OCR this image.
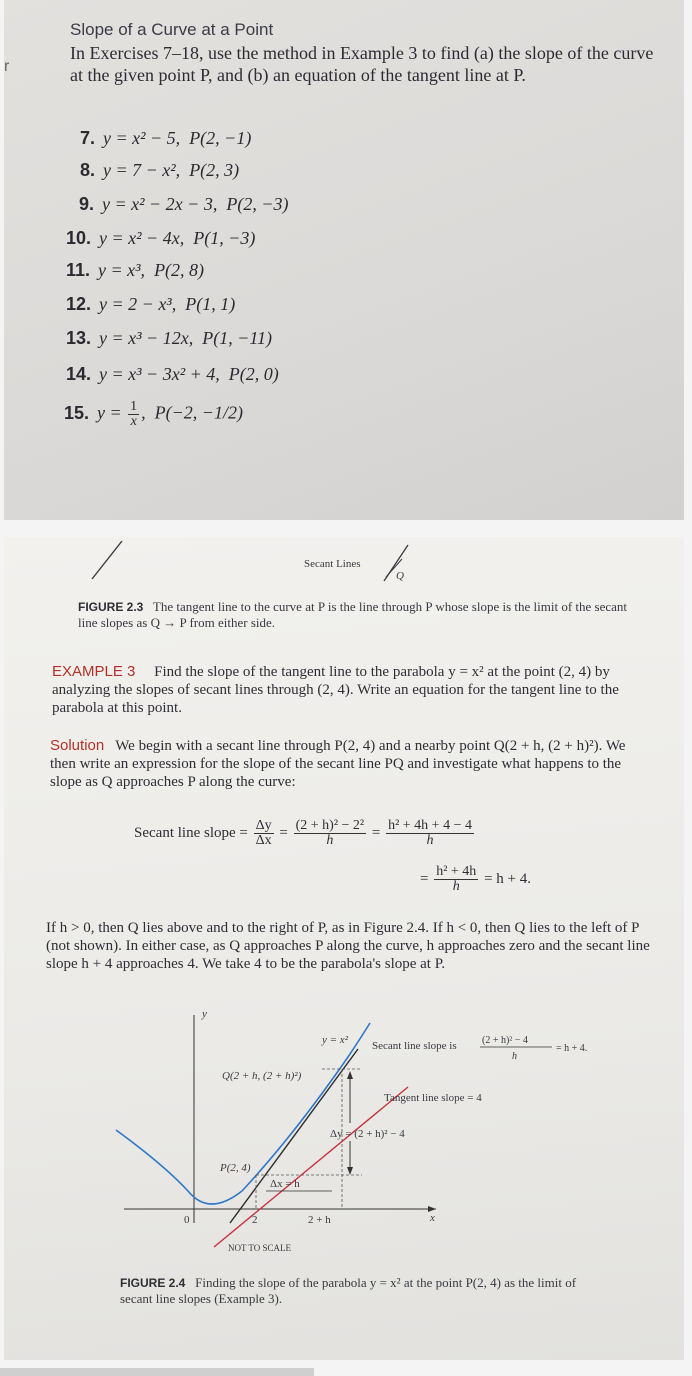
r
Slope of a Curve at a Point
In Exercises 7–18, use the method in Example 3 to find (a) the slope of the curve at the given point P, and (b) an equation of the tangent line at P.
7. y = x² − 5, P(2, −1)
8. y = 7 − x², P(2, 3)
9. y = x² − 2x − 3, P(2, −3)
10. y = x² − 4x, P(1, −3)
11. y = x³, P(2, 8)
12. y = 2 − x³, P(1, 1)
13. y = x³ − 12x, P(1, −11)
14. y = x³ − 3x² + 4, P(2, 0)
15. $y = \frac{1}{x}$ , P(−2, −1/2)
Secant Lines
Q
FIGURE 2.3 The tangent line to the curve at P is the line through P whose slope is the limit of the secant line slopes as Q → P from either side.
EXAMPLE 3 Find the slope of the tangent line to the parabola y = x² at the point (2, 4) by analyzing the slopes of secant lines through (2, 4). Write an equation for the tangent line to the parabola at this point.
Solution We begin with a secant line through P(2, 4) and a nearby point Q(2 + h, (2 + h)²). We then write an expression for the slope of the secant line PQ and investigate what happens to the slope as Q approaches P along the curve:
Secant line slope = $\frac{\Delta y}{\Delta x} = \frac{\text{(2 + h)² − 2²}}{h} = \frac{\text{h² + 4h + 4 − 4}}{h}$
= $\frac{\text{h² + 4h}}{h} = h + 4$.
If h > 0, then Q lies above and to the right of P, as in Figure 2.4. If h < 0, then Q lies to the left of P (not shown). In either case, as Q approaches P along the curve, h approaches zero and the secant line slope h + 4 approaches 4. We take 4 to be the parabola's slope at P.
y
x
0
y = x² Secant line slope is	(2 + h)² − 4
h
= h + 4.
Q(2 + h, (2 + h)²)
Tangent line slope = 4
Δy = (2 + h)² − 4
P(2, 4)
Δx = h
2	2 + h
NOT TO SCALE
FIGURE 2.4 Finding the slope of the parabola y = x² at the point P(2, 4) as the limit of secant line slopes (Example 3).
